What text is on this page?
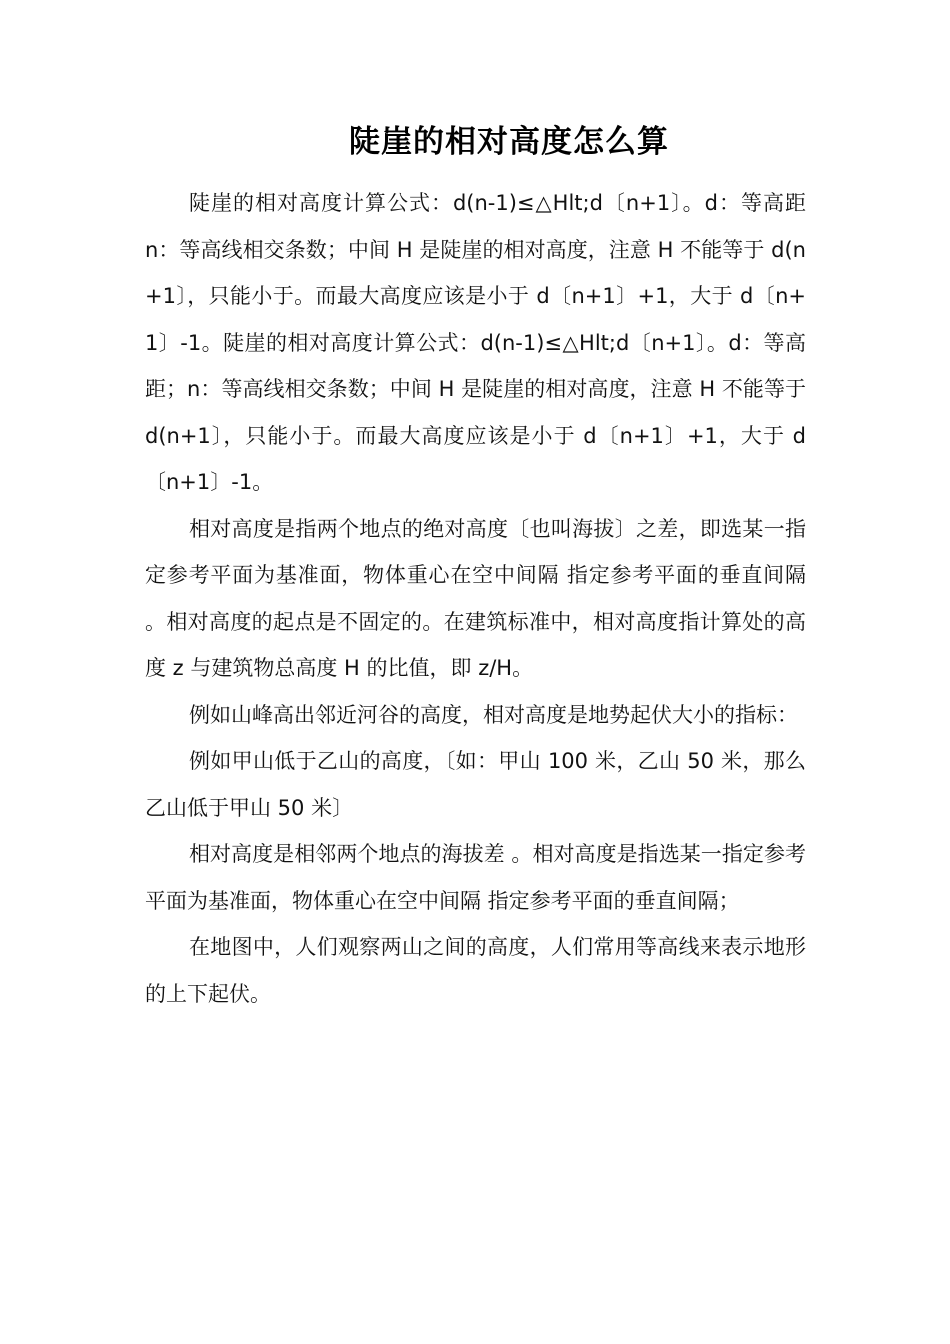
陡崖的相对高度怎么算

陡崖的相对高度计算公式：d(n-1)≤△Hlt;d〔n+1〕。d：等高距n：等高线相交条数；中间 H 是陡崖的相对高度，注意 H 不能等于 d(n+1〕，只能小于。而最大高度应该是小于 d〔n+1〕+1，大于 d〔n+1〕-1。陡崖的相对高度计算公式：d(n-1)≤△Hlt;d〔n+1〕。d：等高距；n：等高线相交条数；中间 H 是陡崖的相对高度，注意 H 不能等于 d(n+1〕，只能小于。而最大高度应该是小于 d〔n+1〕+1，大于 d〔n+1〕-1。

相对高度是指两个地点的绝对高度〔也叫海拔〕之差，即选某一指定参考平面为基准面，物体重心在空中间隔 指定参考平面的垂直间隔 。相对高度的起点是不固定的。在建筑标准中，相对高度指计算处的高度 z 与建筑物总高度 H 的比值，即 z/H。

例如山峰高出邻近河谷的高度，相对高度是地势起伏大小的指标：

例如甲山低于乙山的高度，〔如：甲山 100 米，乙山 50 米，那么乙山低于甲山 50 米〕

相对高度是相邻两个地点的海拔差 。相对高度是指选某一指定参考平面为基准面，物体重心在空中间隔 指定参考平面的垂直间隔；

在地图中，人们观察两山之间的高度，人们常用等高线来表示地形的上下起伏。
